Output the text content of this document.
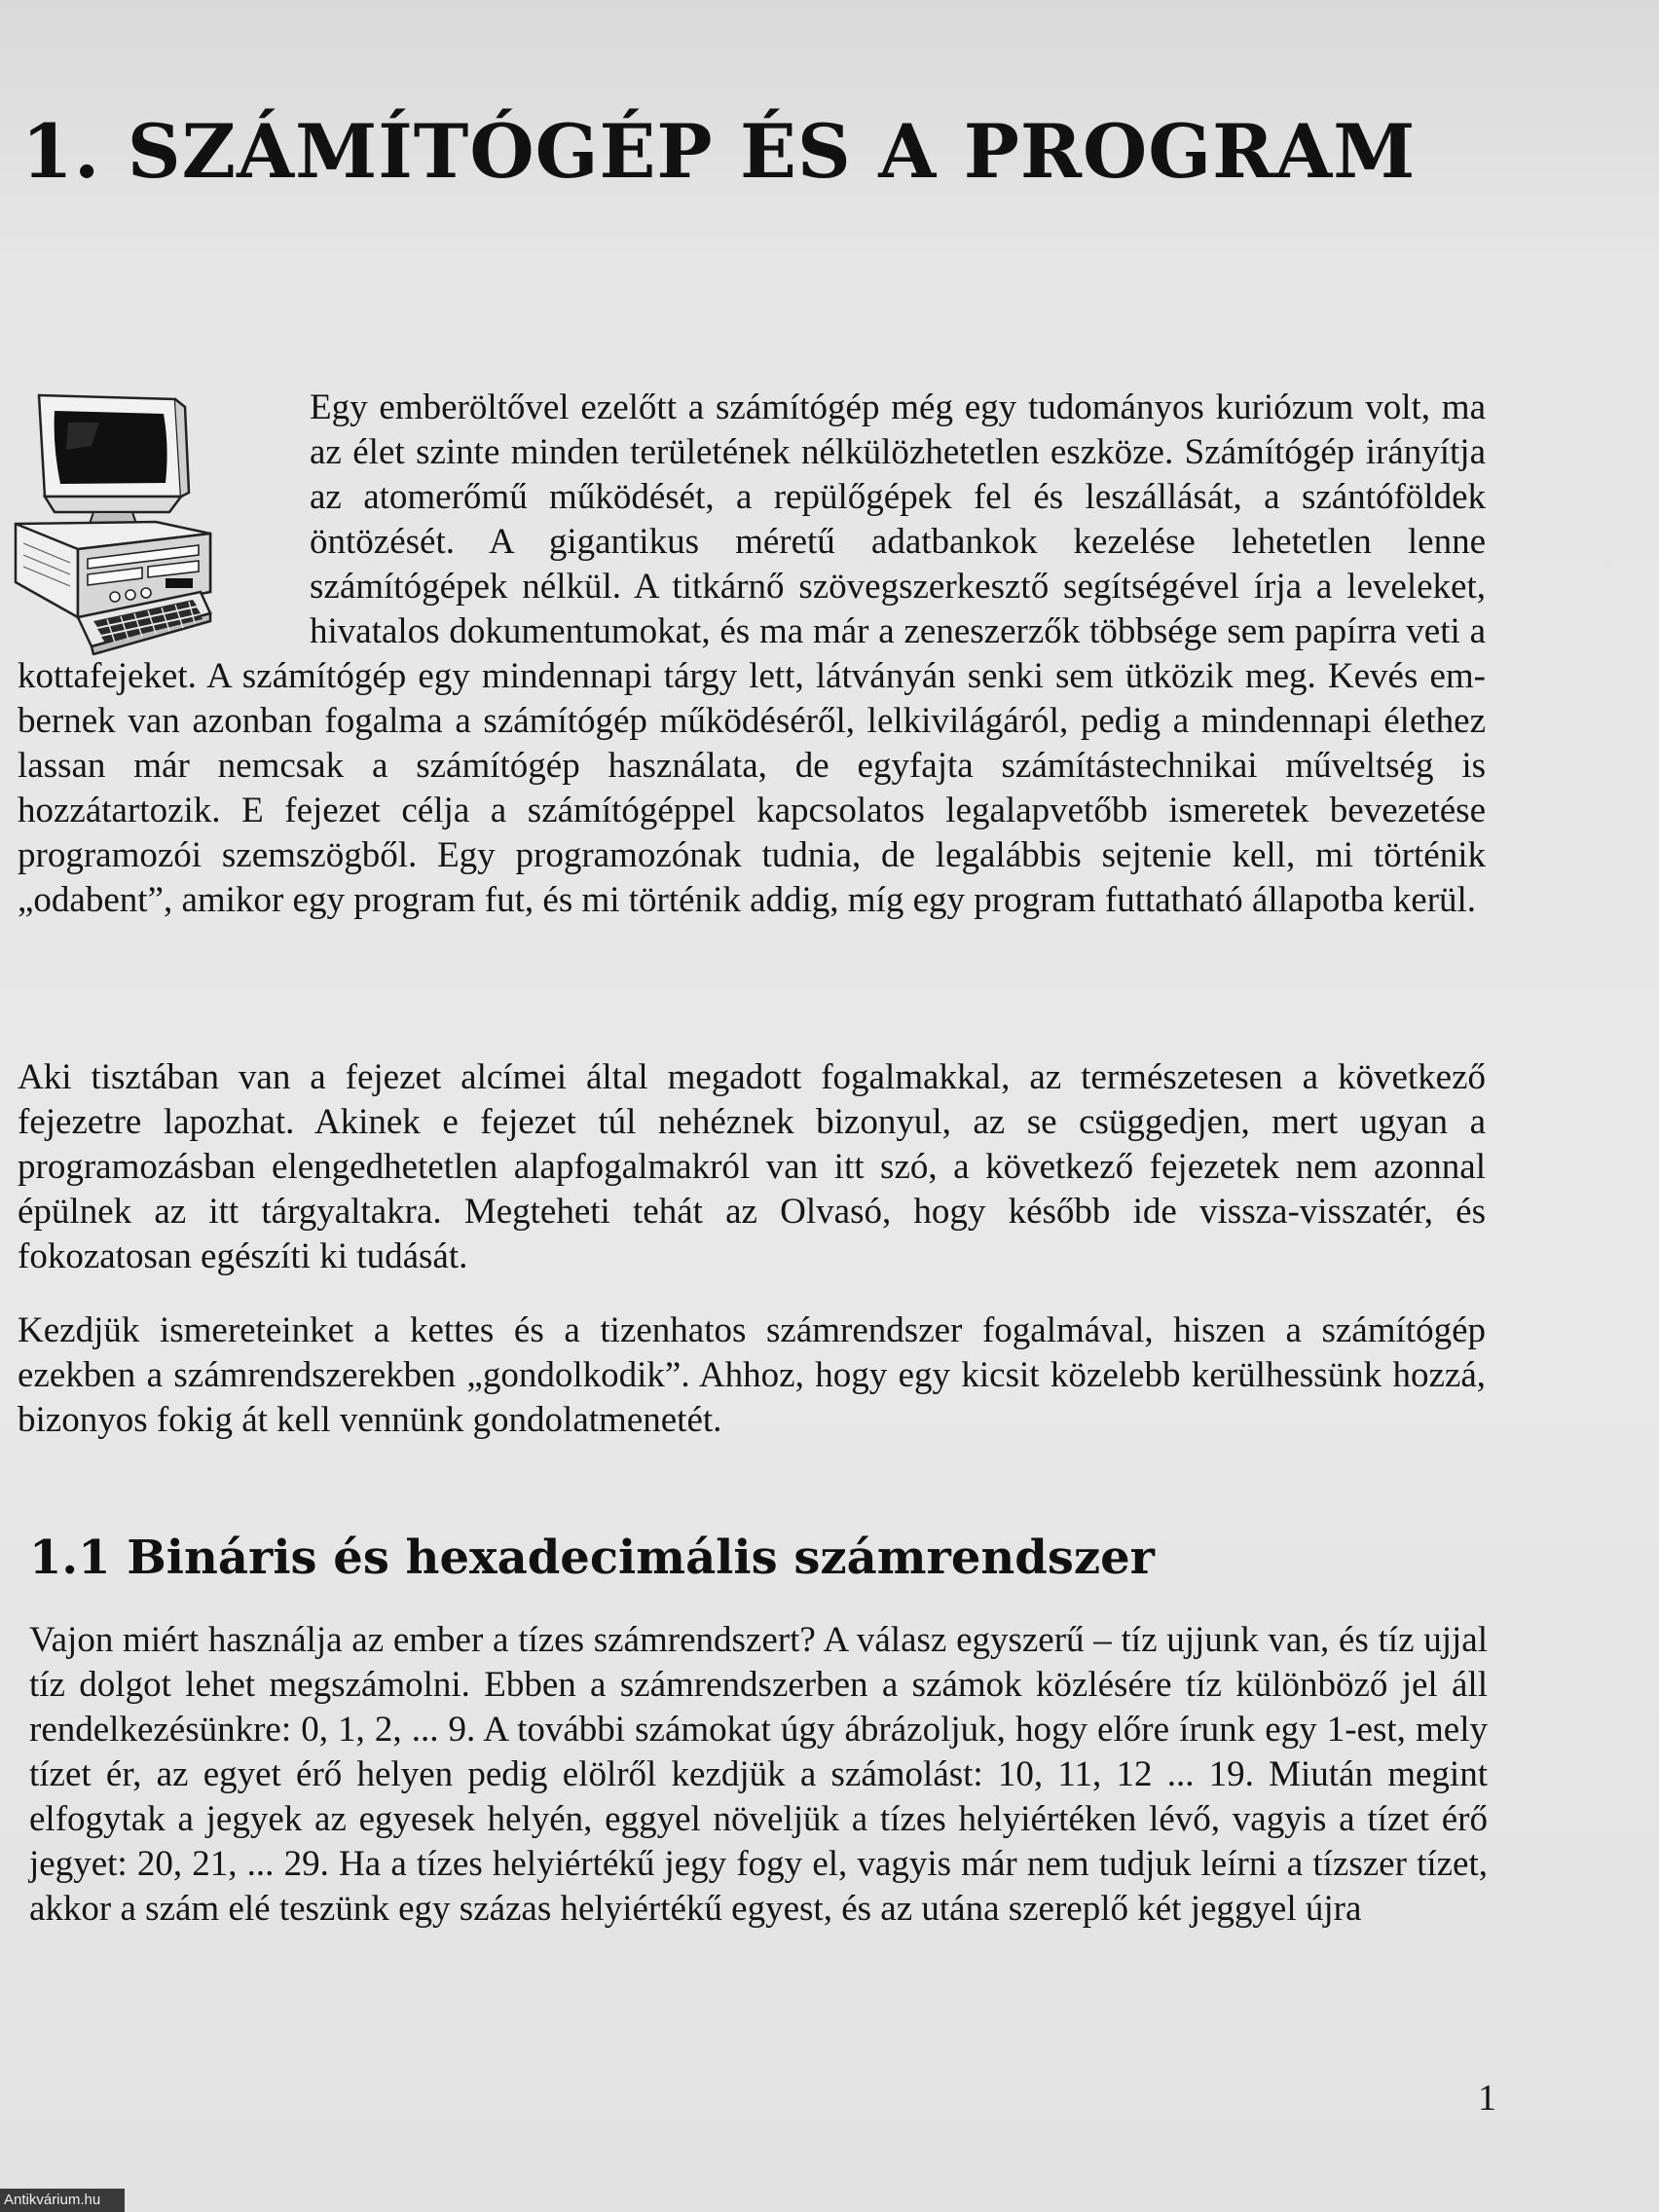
1. SZÁMÍTÓGÉP ÉS A PROGRAM

Egy emberöltővel ezelőtt a számítógép még egy tudományos kuriózum volt, ma az élet szinte minden területének nélkülözhetetlen eszköze. Számítógép irányítja az atomerőmű működését, a repülőgépek fel és leszállását, a szántóföldek öntözését. A gigantikus méretű adatbankok kezelése lehetetlen lenne számítógépek nélkül. A titkárnő szövegszerkesztő segítségével írja a leveleket, hivatalos dokumentumokat, és ma már a zeneszerzők többsége sem papírra veti a kottafejeket. A számítógép egy mindennapi tárgy lett, látványán senki sem ütközik meg. Kevés embernek van azonban fogalma a számítógép működéséről, lelkivilágáról, pedig a mindennapi élethez lassan már nemcsak a számítógép használata, de egyfajta számítástechnikai műveltség is hozzátartozik. E fejezet célja a számítógéppel kapcsolatos legalapvetőbb ismeretek bevezetése programozói szemszögből. Egy programozónak tudnia, de legalábbis sejtenie kell, mi történik „odabent”, amikor egy program fut, és mi történik addig, míg egy program futtatható állapotba kerül.

Aki tisztában van a fejezet alcímei által megadott fogalmakkal, az természetesen a következő fejezetre lapozhat. Akinek e fejezet túl nehéznek bizonyul, az se csüggedjen, mert ugyan a programozásban elengedhetetlen alapfogalmakról van itt szó, a következő fejezetek nem azonnal épülnek az itt tárgyaltakra. Megteheti tehát az Olvasó, hogy később ide vissza-visszatér, és fokozatosan egészíti ki tudását.

Kezdjük ismereteinket a kettes és a tizenhatos számrendszer fogalmával, hiszen a számítógép ezekben a számrendszerekben „gondolkodik”. Ahhoz, hogy egy kicsit közelebb kerülhessünk hozzá, bizonyos fokig át kell vennünk gondolatmenetét.

1.1 Bináris és hexadecimális számrendszer

Vajon miért használja az ember a tízes számrendszert? A válasz egyszerű – tíz ujjunk van, és tíz ujjal tíz dolgot lehet megszámolni. Ebben a számrendszerben a számok közlésére tíz különböző jel áll rendelkezésünkre: 0, 1, 2, ... 9. A további számokat úgy ábrázoljuk, hogy előre írunk egy 1-est, mely tízet ér, az egyet érő helyen pedig elölről kezdjük a számolást: 10, 11, 12 ... 19. Miután megint elfogytak a jegyek az egyesek helyén, eggyel növeljük a tízes helyiértéken lévő, vagyis a tízet érő jegyet: 20, 21, ... 29. Ha a tízes helyiértékű jegy fogy el, vagyis már nem tudjuk leírni a tízszer tízet, akkor a szám elé teszünk egy százas helyiértékű egyest, és az utána szereplő két jeggyel újra

1
Antikvárium.hu
